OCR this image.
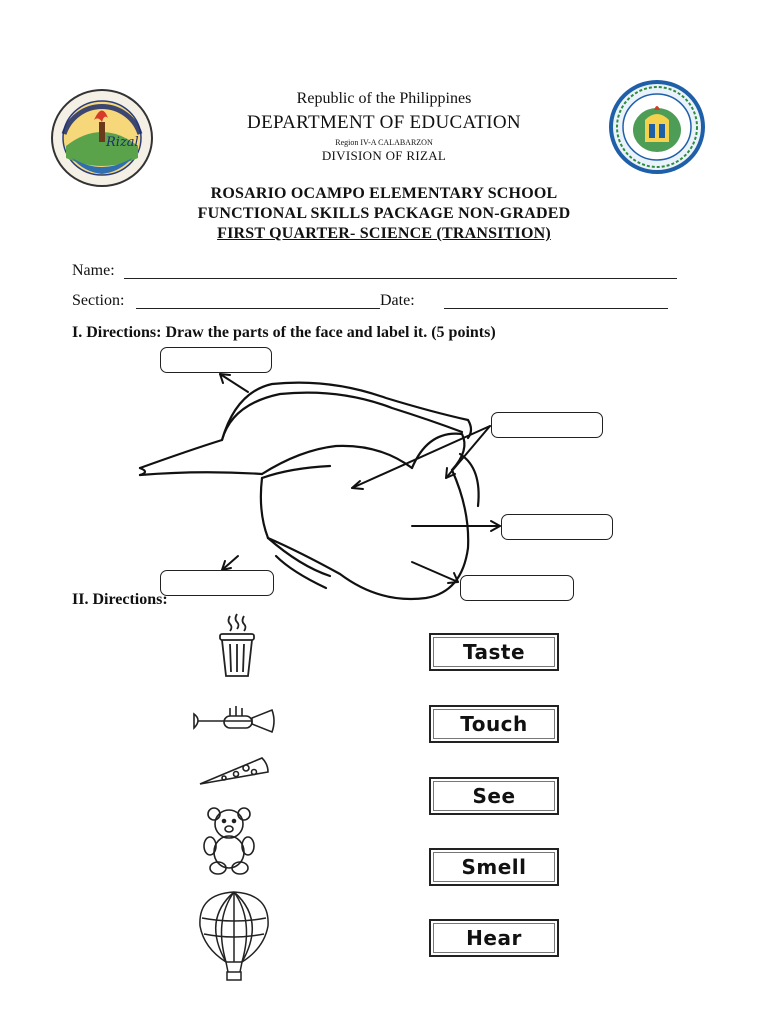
Rizal
Republic of the Philippines
DEPARTMENT OF EDUCATION
Region IV-A CALABARZON
DIVISION OF RIZAL
ROSARIO OCAMPO ELEMENTARY SCHOOL
FUNCTIONAL SKILLS PACKAGE NON-GRADED
FIRST QUARTER- SCIENCE (TRANSITION)
Name:
Section:	Date:
I. Directions: Draw the parts of the face and label it. (5 points)
II. Directions:
Taste
Touch
See
Smell
Hear
